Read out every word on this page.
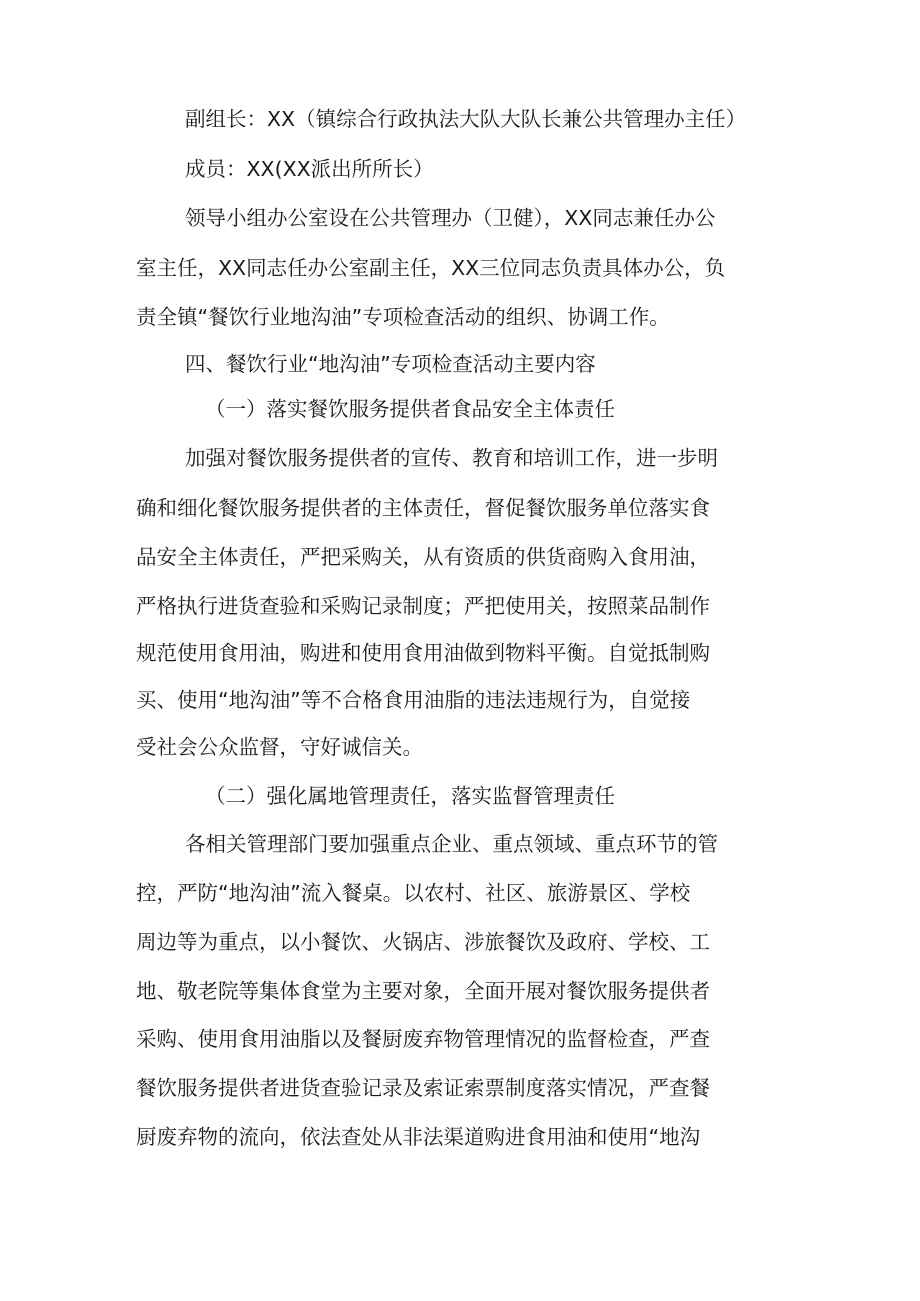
副组长：XX（镇综合行政执法大队大队长兼公共管理办主任）
成员：XX(XX派出所所长）
领导小组办公室设在公共管理办（卫健），XX同志兼任办公
室主任，XX同志任办公室副主任，XX三位同志负责具体办公，负
责全镇“餐饮行业地沟油”专项检查活动的组织、协调工作。
四、餐饮行业“地沟油”专项检查活动主要内容
（一）落实餐饮服务提供者食品安全主体责任
加强对餐饮服务提供者的宣传、教育和培训工作，进一步明
确和细化餐饮服务提供者的主体责任，督促餐饮服务单位落实食
品安全主体责任，严把采购关，从有资质的供货商购入食用油，
严格执行进货查验和采购记录制度；严把使用关，按照菜品制作
规范使用食用油，购进和使用食用油做到物料平衡。自觉抵制购
买、使用“地沟油”等不合格食用油脂的违法违规行为，自觉接
受社会公众监督，守好诚信关。
（二）强化属地管理责任，落实监督管理责任
各相关管理部门要加强重点企业、重点领域、重点环节的管
控，严防“地沟油”流入餐桌。以农村、社区、旅游景区、学校
周边等为重点，以小餐饮、火锅店、涉旅餐饮及政府、学校、工
地、敬老院等集体食堂为主要对象，全面开展对餐饮服务提供者
采购、使用食用油脂以及餐厨废弃物管理情况的监督检查，严查
餐饮服务提供者进货查验记录及索证索票制度落实情况，严查餐
厨废弃物的流向，依法查处从非法渠道购进食用油和使用“地沟
